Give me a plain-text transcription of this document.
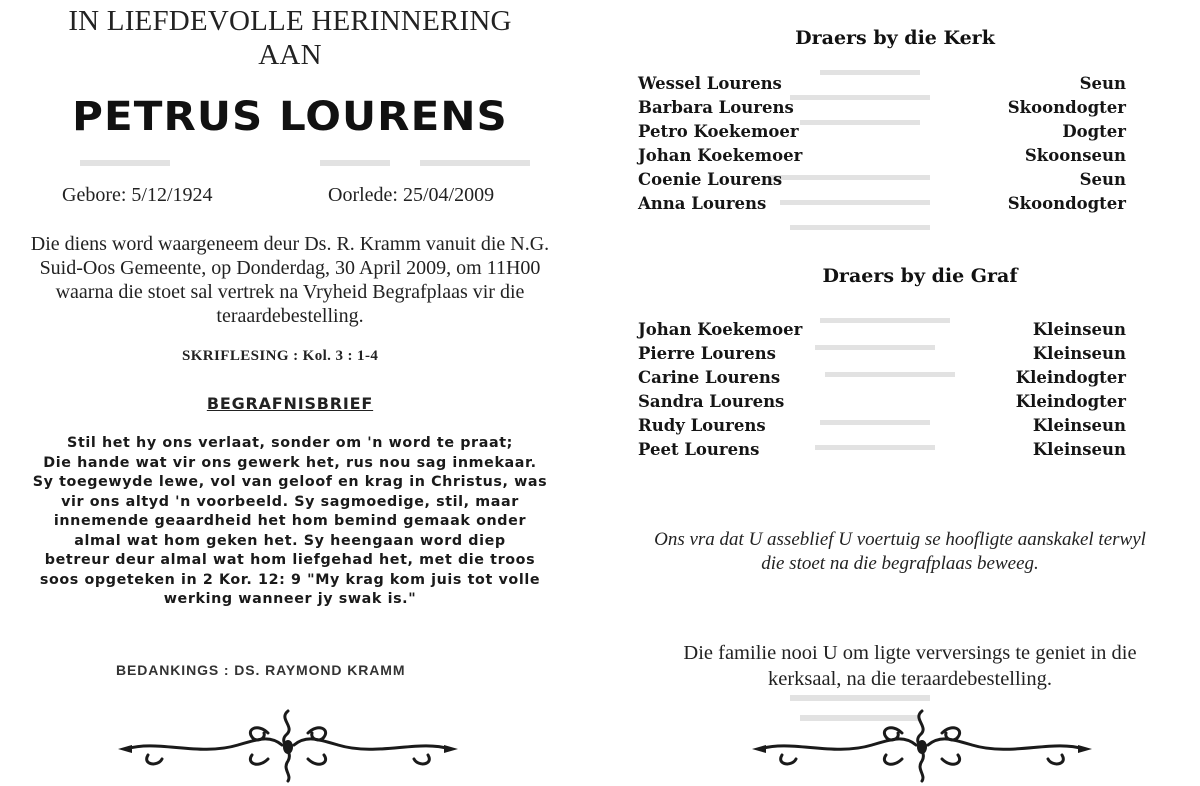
IN LIEFDEVOLLE HERINNERING
AAN
PETRUS LOURENS
Gebore: 5/12/1924	Oorlede: 25/04/2009
Die diens word waargeneem deur Ds. R. Kramm vanuit die N.G.
Suid-Oos Gemeente, op Donderdag, 30 April 2009, om 11H00
waarna die stoet sal vertrek na Vryheid Begrafplaas vir die
teraardebestelling.
SKRIFLESING : Kol. 3 : 1-4
BEGRAFNISBRIEF
Stil het hy ons verlaat, sonder om 'n word te praat;
Die hande wat vir ons gewerk het, rus nou sag inmekaar.
Sy toegewyde lewe, vol van geloof en krag in Christus, was
vir ons altyd 'n voorbeeld. Sy sagmoedige, stil, maar
innemende geaardheid het hom bemind gemaak onder
almal wat hom geken het. Sy heengaan word diep
betreur deur almal wat hom liefgehad het, met die troos
soos opgeteken in 2 Kor. 12: 9 "My krag kom juis tot volle
werking wanneer jy swak is."
BEDANKINGS : DS. RAYMOND KRAMM
Draers by die Kerk
Wessel Lourens	Seun
Barbara Lourens	Skoondogter
Petro Koekemoer	Dogter
Johan Koekemoer	Skoonseun
Coenie Lourens	Seun
Anna Lourens	Skoondogter
Draers by die Graf
Johan Koekemoer	Kleinseun
Pierre Lourens	Kleinseun
Carine Lourens	Kleindogter
Sandra Lourens	Kleindogter
Rudy Lourens	Kleinseun
Peet Lourens	Kleinseun
Ons vra dat U asseblief U voertuig se hoofligte aanskakel terwyl
die stoet na die begrafplaas beweeg.
Die familie nooi U om ligte verversings te geniet in die
kerksaal, na die teraardebestelling.
